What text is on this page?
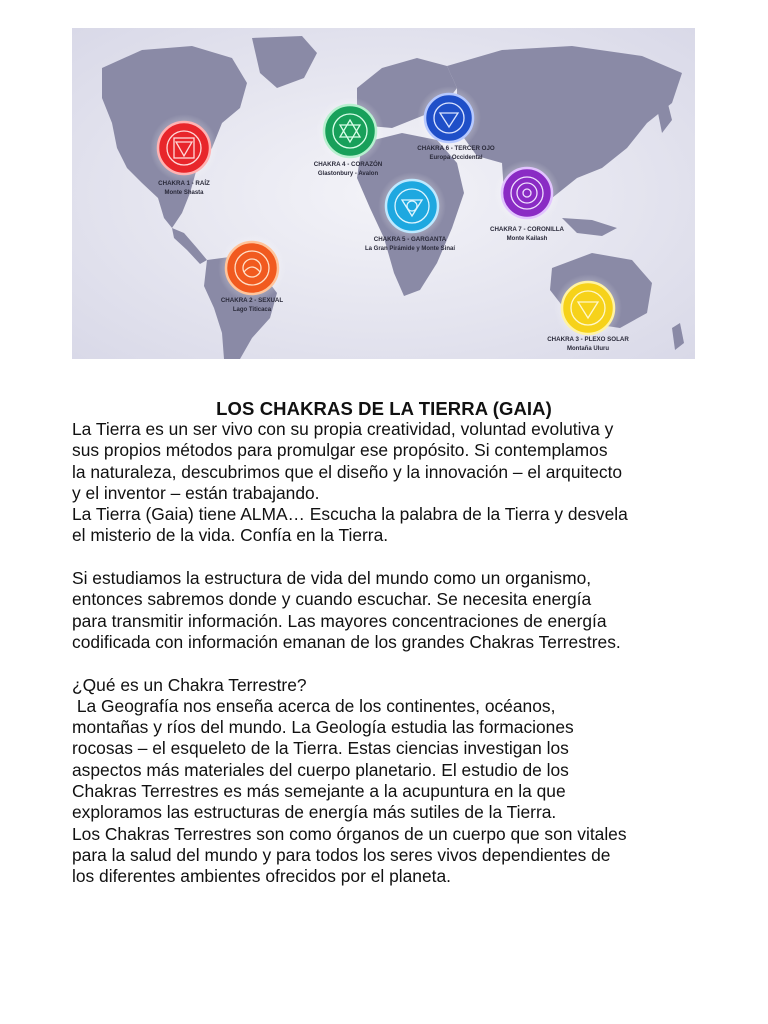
CHAKRA 1 - RAÍZ
Monte Shasta
CHAKRA 2 - SEXUAL
Lago Titicaca
CHAKRA 3 - PLEXO SOLAR
Montaña Uluru
CHAKRA 4 - CORAZÓN
Glastonbury - Avalon
CHAKRA 5 - GARGANTA
La Gran Pirámide y Monte Sinaí
CHAKRA 6 - TERCER OJO
Europa Occidental
CHAKRA 7 - CORONILLA
Monte Kailash
LOS CHAKRAS DE LA TIERRA (GAIA)
La Tierra es un ser vivo con su propia creatividad, voluntad evolutiva y
sus propios métodos para promulgar ese propósito. Si contemplamos
la naturaleza, descubrimos que el diseño y la innovación – el arquitecto
y el inventor – están trabajando.
La Tierra (Gaia) tiene ALMA… Escucha la palabra de la Tierra y desvela
el misterio de la vida. Confía en la Tierra.
Si estudiamos la estructura de vida del mundo como un organismo,
entonces sabremos donde y cuando escuchar. Se necesita energía
para transmitir información. Las mayores concentraciones de energía
codificada con información emanan de los grandes Chakras Terrestres.
¿Qué es un Chakra Terrestre?
La Geografía nos enseña acerca de los continentes, océanos,
montañas y ríos del mundo. La Geología estudia las formaciones
rocosas – el esqueleto de la Tierra. Estas ciencias investigan los
aspectos más materiales del cuerpo planetario. El estudio de los
Chakras Terrestres es más semejante a la acupuntura en la que
exploramos las estructuras de energía más sutiles de la Tierra.
Los Chakras Terrestres son como órganos de un cuerpo que son vitales
para la salud del mundo y para todos los seres vivos dependientes de
los diferentes ambientes ofrecidos por el planeta.
